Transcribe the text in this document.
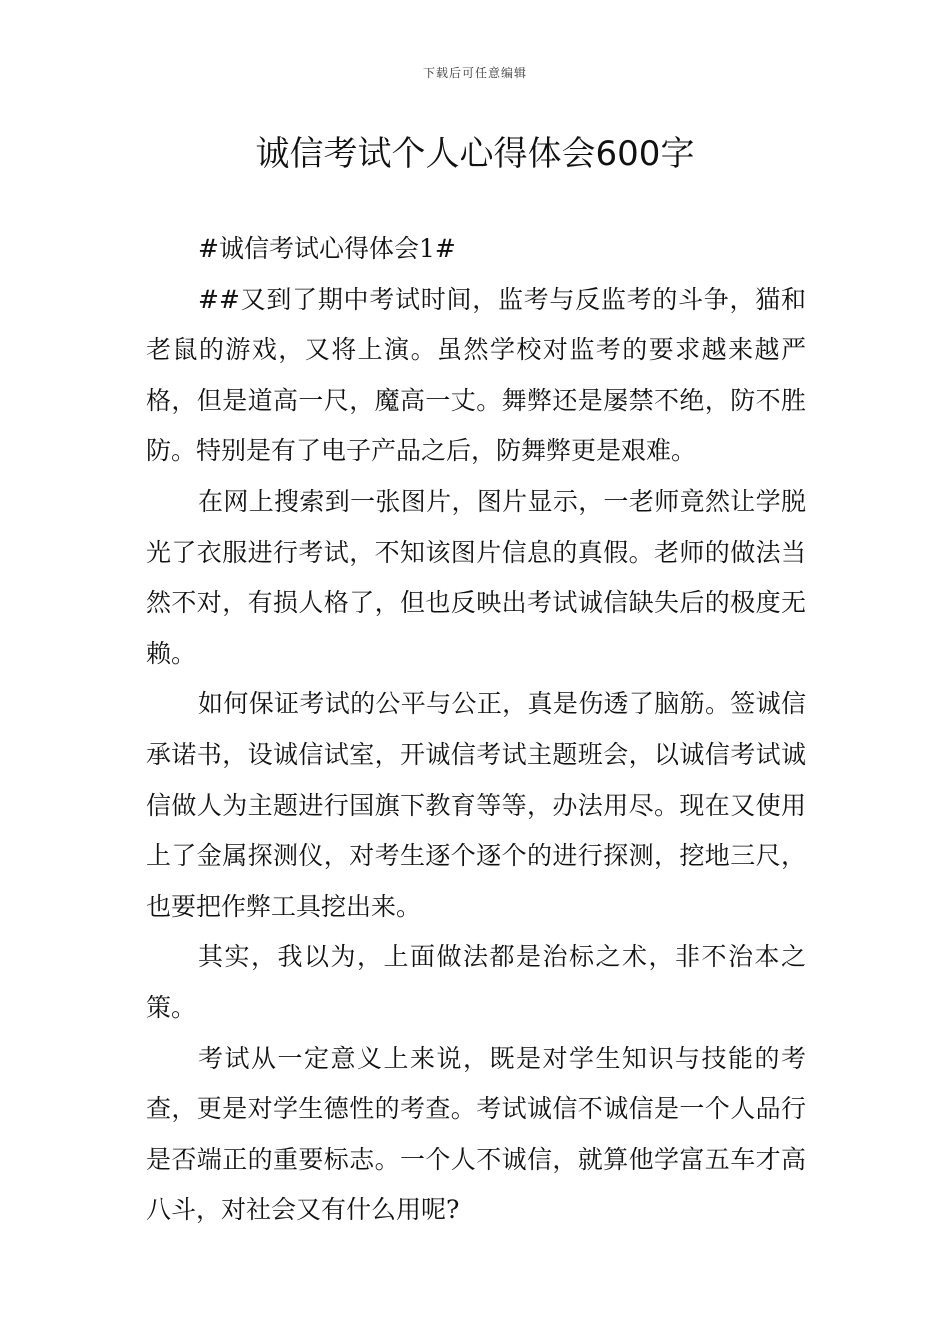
下载后可任意编辑
诚信考试个人心得体会600字

#诚信考试心得体会1#

##又到了期中考试时间，监考与反监考的斗争，猫和老鼠的游戏，又将上演。虽然学校对监考的要求越来越严格，但是道高一尺，魔高一丈。舞弊还是屡禁不绝，防不胜防。特别是有了电子产品之后，防舞弊更是艰难。

在网上搜索到一张图片，图片显示，一老师竟然让学脱光了衣服进行考试，不知该图片信息的真假。老师的做法当然不对，有损人格了，但也反映出考试诚信缺失后的极度无赖。

如何保证考试的公平与公正，真是伤透了脑筋。签诚信承诺书，设诚信试室，开诚信考试主题班会，以诚信考试诚信做人为主题进行国旗下教育等等，办法用尽。现在又使用上了金属探测仪，对考生逐个逐个的进行探测，挖地三尺，也要把作弊工具挖出来。

其实，我以为，上面做法都是治标之术，非不治本之策。

考试从一定意义上来说，既是对学生知识与技能的考查，更是对学生德性的考查。考试诚信不诚信是一个人品行是否端正的重要标志。一个人不诚信，就算他学富五车才高八斗，对社会又有什么用呢?
